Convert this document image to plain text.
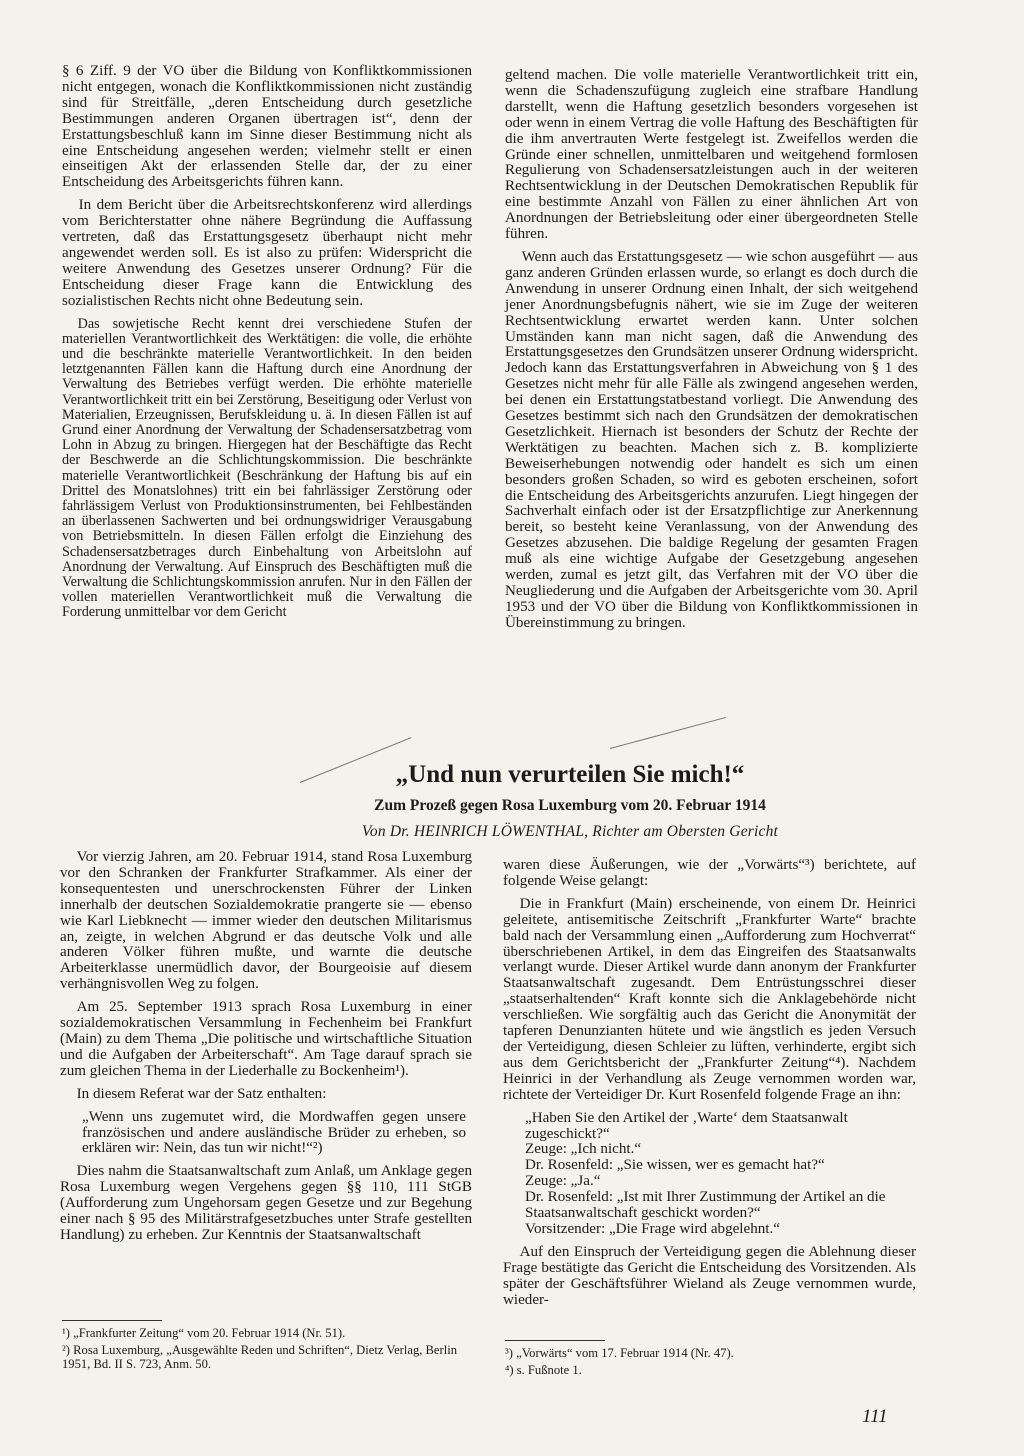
§ 6 Ziff. 9 der VO über die Bildung von Konfliktkommissionen nicht entgegen, wonach die Konfliktkommissionen nicht zuständig sind für Streitfälle, „deren Entscheidung durch gesetzliche Bestimmungen anderen Organen übertragen ist“, denn der Erstattungsbeschluß kann im Sinne dieser Bestimmung nicht als eine Entscheidung angesehen werden; vielmehr stellt er einen einseitigen Akt der erlassenden Stelle dar, der zu einer Entscheidung des Arbeitsgerichts führen kann.

In dem Bericht über die Arbeitsrechtskonferenz wird allerdings vom Berichterstatter ohne nähere Begründung die Auffassung vertreten, daß das Erstattungsgesetz überhaupt nicht mehr angewendet werden soll. Es ist also zu prüfen: Widerspricht die weitere Anwendung des Gesetzes unserer Ordnung? Für die Entscheidung dieser Frage kann die Entwicklung des sozialistischen Rechts nicht ohne Bedeutung sein.

Das sowjetische Recht kennt drei verschiedene Stufen der materiellen Verantwortlichkeit des Werktätigen: die volle, die erhöhte und die beschränkte materielle Verantwortlichkeit. In den beiden letztgenannten Fällen kann die Haftung durch eine Anordnung der Verwaltung des Betriebes verfügt werden. Die erhöhte materielle Verantwortlichkeit tritt ein bei Zerstörung, Beseitigung oder Verlust von Materialien, Erzeugnissen, Berufskleidung u. ä. In diesen Fällen ist auf Grund einer Anordnung der Verwaltung der Schadensersatzbetrag vom Lohn in Abzug zu bringen. Hiergegen hat der Beschäftigte das Recht der Beschwerde an die Schlichtungskommission. Die beschränkte materielle Verantwortlichkeit (Beschränkung der Haftung bis auf ein Drittel des Monatslohnes) tritt ein bei fahrlässiger Zerstörung oder fahrlässigem Verlust von Produktionsinstrumenten, bei Fehlbeständen an überlassenen Sachwerten und bei ordnungswidriger Verausgabung von Betriebsmitteln. In diesen Fällen erfolgt die Einziehung des Schadensersatzbetrages durch Einbehaltung von Arbeitslohn auf Anordnung der Verwaltung. Auf Einspruch des Beschäftigten muß die Verwaltung die Schlichtungskommission anrufen. Nur in den Fällen der vollen materiellen Verantwortlichkeit muß die Verwaltung die Forderung unmittelbar vor dem Gericht

geltend machen. Die volle materielle Verantwortlichkeit tritt ein, wenn die Schadenszufügung zugleich eine strafbare Handlung darstellt, wenn die Haftung gesetzlich besonders vorgesehen ist oder wenn in einem Vertrag die volle Haftung des Beschäftigten für die ihm anvertrauten Werte festgelegt ist. Zweifellos werden die Gründe einer schnellen, unmittelbaren und weitgehend formlosen Regulierung von Schadensersatzleistungen auch in der weiteren Rechtsentwicklung in der Deutschen Demokratischen Republik für eine bestimmte Anzahl von Fällen zu einer ähnlichen Art von Anordnungen der Betriebsleitung oder einer übergeordneten Stelle führen.

Wenn auch das Erstattungsgesetz — wie schon ausgeführt — aus ganz anderen Gründen erlassen wurde, so erlangt es doch durch die Anwendung in unserer Ordnung einen Inhalt, der sich weitgehend jener Anordnungsbefugnis nähert, wie sie im Zuge der weiteren Rechtsentwicklung erwartet werden kann. Unter solchen Umständen kann man nicht sagen, daß die Anwendung des Erstattungsgesetzes den Grundsätzen unserer Ordnung widerspricht. Jedoch kann das Erstattungsverfahren in Abweichung von § 1 des Gesetzes nicht mehr für alle Fälle als zwingend angesehen werden, bei denen ein Erstattungstatbestand vorliegt. Die Anwendung des Gesetzes bestimmt sich nach den Grundsätzen der demokratischen Gesetzlichkeit. Hiernach ist besonders der Schutz der Rechte der Werktätigen zu beachten. Machen sich z. B. komplizierte Beweiserhebungen notwendig oder handelt es sich um einen besonders großen Schaden, so wird es geboten erscheinen, sofort die Entscheidung des Arbeitsgerichts anzurufen. Liegt hingegen der Sachverhalt einfach oder ist der Ersatzpflichtige zur Anerkennung bereit, so besteht keine Veranlassung, von der Anwendung des Gesetzes abzusehen. Die baldige Regelung der gesamten Fragen muß als eine wichtige Aufgabe der Gesetzgebung angesehen werden, zumal es jetzt gilt, das Verfahren mit der VO über die Neugliederung und die Aufgaben der Arbeitsgerichte vom 30. April 1953 und der VO über die Bildung von Konfliktkommissionen in Übereinstimmung zu bringen.

„Und nun verurteilen Sie mich!“
Zum Prozeß gegen Rosa Luxemburg vom 20. Februar 1914
Von Dr. HEINRICH LÖWENTHAL, Richter am Obersten Gericht

Vor vierzig Jahren, am 20. Februar 1914, stand Rosa Luxemburg vor den Schranken der Frankfurter Strafkammer. Als einer der konsequentesten und unerschrockensten Führer der Linken innerhalb der deutschen Sozialdemokratie prangerte sie — ebenso wie Karl Liebknecht — immer wieder den deutschen Militarismus an, zeigte, in welchen Abgrund er das deutsche Volk und alle anderen Völker führen mußte, und warnte die deutsche Arbeiterklasse unermüdlich davor, der Bourgeoisie auf diesem verhängnisvollen Weg zu folgen.

Am 25. September 1913 sprach Rosa Luxemburg in einer sozialdemokratischen Versammlung in Fechenheim bei Frankfurt (Main) zu dem Thema „Die politische und wirtschaftliche Situation und die Aufgaben der Arbeiterschaft“. Am Tage darauf sprach sie zum gleichen Thema in der Liederhalle zu Bockenheim¹).

In diesem Referat war der Satz enthalten:

„Wenn uns zugemutet wird, die Mordwaffen gegen unsere französischen und andere ausländische Brüder zu erheben, so erklären wir: Nein, das tun wir nicht!“²)

Dies nahm die Staatsanwaltschaft zum Anlaß, um Anklage gegen Rosa Luxemburg wegen Vergehens gegen §§ 110, 111 StGB (Aufforderung zum Ungehorsam gegen Gesetze und zur Begehung einer nach § 95 des Militärstrafgesetzbuches unter Strafe gestellten Handlung) zu erheben. Zur Kenntnis der Staatsanwaltschaft

waren diese Äußerungen, wie der „Vorwärts“³) berichtete, auf folgende Weise gelangt:

Die in Frankfurt (Main) erscheinende, von einem Dr. Heinrici geleitete, antisemitische Zeitschrift „Frankfurter Warte“ brachte bald nach der Versammlung einen „Aufforderung zum Hochverrat“ überschriebenen Artikel, in dem das Eingreifen des Staatsanwalts verlangt wurde. Dieser Artikel wurde dann anonym der Frankfurter Staatsanwaltschaft zugesandt. Dem Entrüstungsschrei dieser „staatserhaltenden“ Kraft konnte sich die Anklagebehörde nicht verschließen. Wie sorgfältig auch das Gericht die Anonymität der tapferen Denunzianten hütete und wie ängstlich es jeden Versuch der Verteidigung, diesen Schleier zu lüften, verhinderte, ergibt sich aus dem Gerichtsbericht der „Frankfurter Zeitung“⁴). Nachdem Heinrici in der Verhandlung als Zeuge vernommen worden war, richtete der Verteidiger Dr. Kurt Rosenfeld folgende Frage an ihn:

„Haben Sie den Artikel der ‚Warte‘ dem Staatsanwalt zugeschickt?“
Zeuge: „Ich nicht.“
Dr. Rosenfeld: „Sie wissen, wer es gemacht hat?“
Zeuge: „Ja.“
Dr. Rosenfeld: „Ist mit Ihrer Zustimmung der Artikel an die Staatsanwaltschaft geschickt worden?“
Vorsitzender: „Die Frage wird abgelehnt.“

Auf den Einspruch der Verteidigung gegen die Ablehnung dieser Frage bestätigte das Gericht die Entscheidung des Vorsitzenden. Als später der Geschäftsführer Wieland als Zeuge vernommen wurde, wieder-

¹) „Frankfurter Zeitung“ vom 20. Februar 1914 (Nr. 51).
²) Rosa Luxemburg, „Ausgewählte Reden und Schriften“, Dietz Verlag, Berlin 1951, Bd. II S. 723, Anm. 50.
³) „Vorwärts“ vom 17. Februar 1914 (Nr. 47).
⁴) s. Fußnote 1.
111
